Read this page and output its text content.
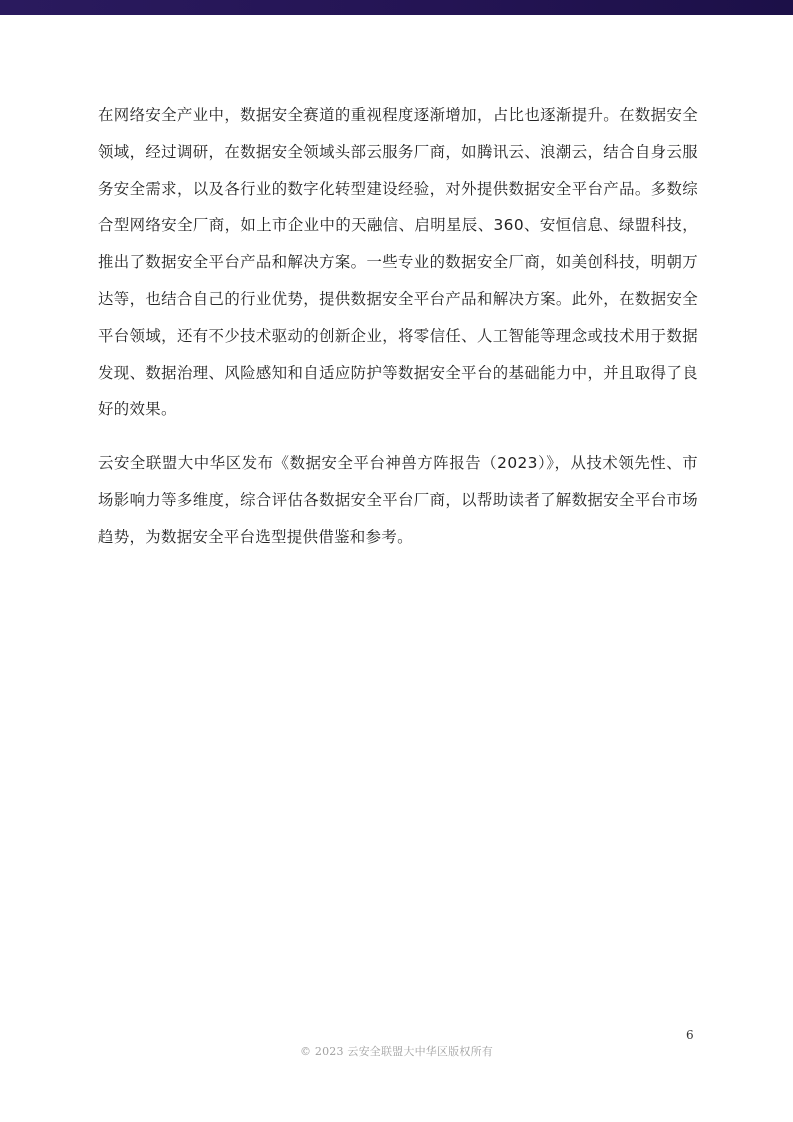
在网络安全产业中，数据安全赛道的重视程度逐渐增加，占比也逐渐提升。在数据安全领域，经过调研，在数据安全领域头部云服务厂商，如腾讯云、浪潮云，结合自身云服务安全需求，以及各行业的数字化转型建设经验，对外提供数据安全平台产品。多数综合型网络安全厂商，如上市企业中的天融信、启明星辰、360、安恒信息、绿盟科技，推出了数据安全平台产品和解决方案。一些专业的数据安全厂商，如美创科技，明朝万达等，也结合自己的行业优势，提供数据安全平台产品和解决方案。此外，在数据安全平台领域，还有不少技术驱动的创新企业，将零信任、人工智能等理念或技术用于数据发现、数据治理、风险感知和自适应防护等数据安全平台的基础能力中，并且取得了良好的效果。

云安全联盟大中华区发布《数据安全平台神兽方阵报告（2023）》，从技术领先性、市场影响力等多维度，综合评估各数据安全平台厂商，以帮助读者了解数据安全平台市场趋势，为数据安全平台选型提供借鉴和参考。

6
© 2023 云安全联盟大中华区版权所有
